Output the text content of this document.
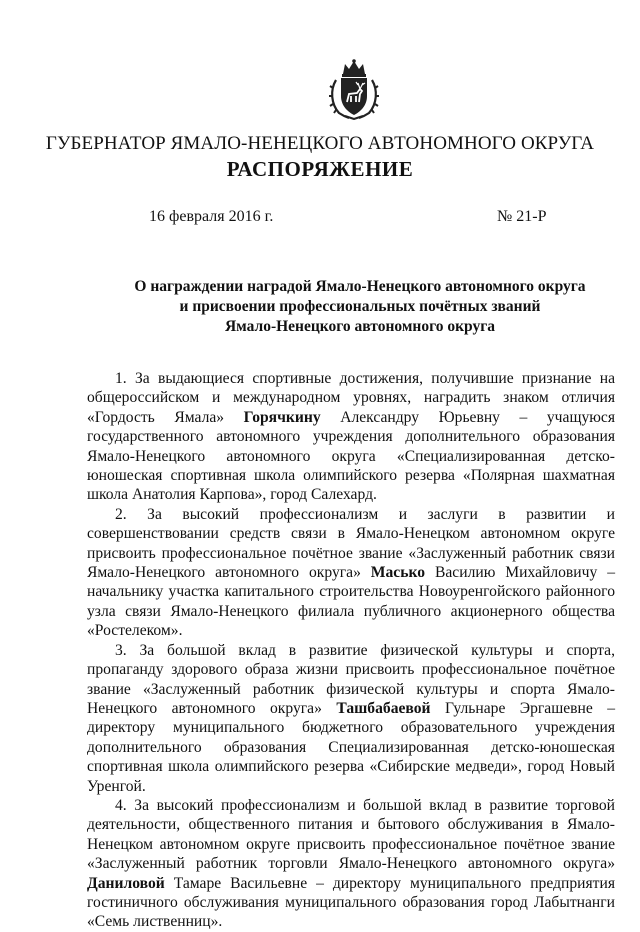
ГУБЕРНАТОР ЯМАЛО-НЕНЕЦКОГО АВТОНОМНОГО ОКРУГА
РАСПОРЯЖЕНИЕ
16 февраля 2016 г.	№ 21-Р
О награждении наградой Ямало-Ненецкого автономного округа
и присвоении профессиональных почётных званий
Ямало-Ненецкого автономного округа

1. За выдающиеся спортивные достижения, получившие признание на общероссийском и международном уровнях, наградить знаком отличия «Гордость Ямала» Горячкину Александру Юрьевну – учащуюся государственного автономного учреждения дополнительного образования Ямало-Ненецкого автономного округа «Специализированная детско-юношеская спортивная школа олимпийского резерва «Полярная шахматная школа Анатолия Карпова», город Салехард.

2. За высокий профессионализм и заслуги в развитии и совершенствовании средств связи в Ямало-Ненецком автономном округе присвоить профессиональное почётное звание «Заслуженный работник связи Ямало-Ненецкого автономного округа» Масько Василию Михайловичу – начальнику участка капитального строительства Новоуренгойского районного узла связи Ямало-Ненецкого филиала публичного акционерного общества «Ростелеком».

3. За большой вклад в развитие физической культуры и спорта, пропаганду здорового образа жизни присвоить профессиональное почётное звание «Заслуженный работник физической культуры и спорта Ямало-Ненецкого автономного округа» Ташбабаевой Гульнаре Эргашевне – директору муниципального бюджетного образовательного учреждения дополнительного образования Специализированная детско-юношеская спортивная школа олимпийского резерва «Сибирские медведи», город Новый Уренгой.

4. За высокий профессионализм и большой вклад в развитие торговой деятельности, общественного питания и бытового обслуживания в Ямало-Ненецком автономном округе присвоить профессиональное почётное звание «Заслуженный работник торговли Ямало-Ненецкого автономного округа» Даниловой Тамаре Васильевне – директору муниципального предприятия гостиничного обслуживания муниципального образования город Лабытнанги «Семь лиственниц».
